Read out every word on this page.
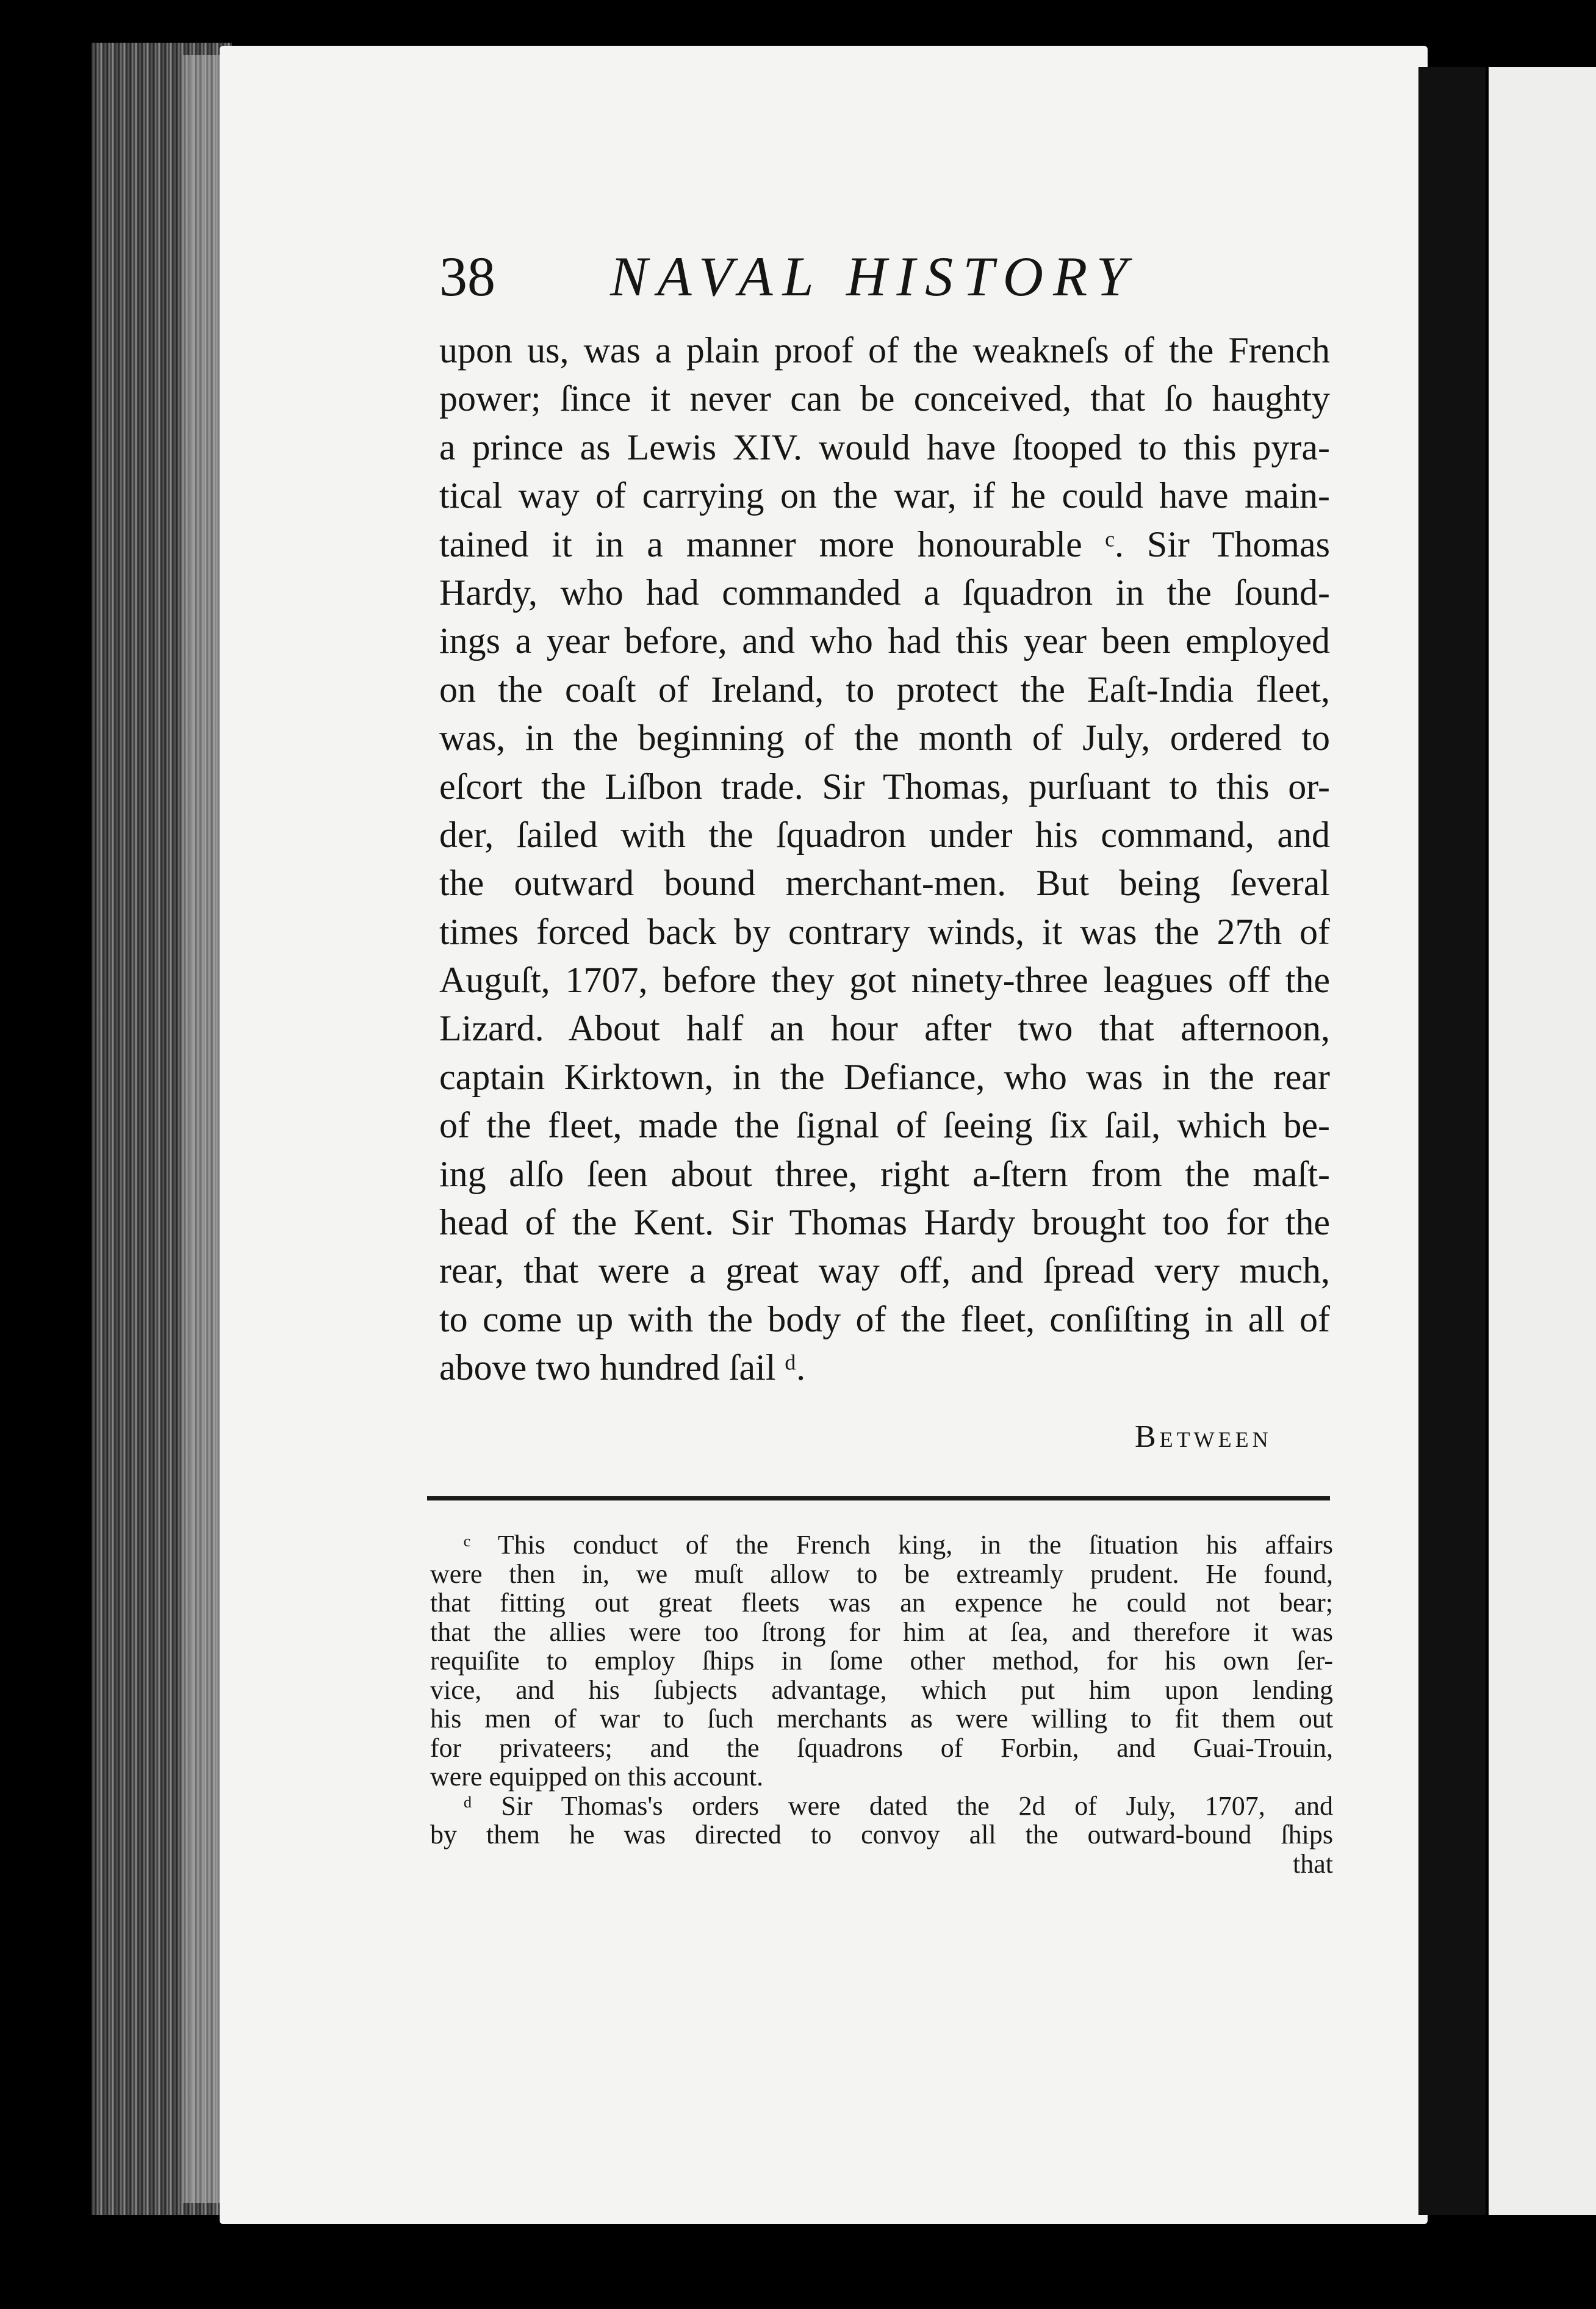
38 NAVAL HISTORY
upon us, was a plain proof of the weakneſs of the French
power; ſince it never can be conceived, that ſo haughty
a prince as Lewis XIV. would have ſtooped to this pyra-
tical way of carrying on the war, if he could have main-
tained it in a manner more honourable ᶜ. Sir Thomas
Hardy, who had commanded a ſquadron in the ſound-
ings a year before, and who had this year been employed
on the coaſt of Ireland, to protect the Eaſt-India fleet,
was, in the beginning of the month of July, ordered to
eſcort the Liſbon trade. Sir Thomas, purſuant to this or-
der, ſailed with the ſquadron under his command, and
the outward bound merchant-men. But being ſeveral
times forced back by contrary winds, it was the 27th of
Auguſt, 1707, before they got ninety-three leagues off the
Lizard. About half an hour after two that afternoon,
captain Kirktown, in the Defiance, who was in the rear
of the fleet, made the ſignal of ſeeing ſix ſail, which be-
ing alſo ſeen about three, right a-ſtern from the maſt-
head of the Kent. Sir Thomas Hardy brought too for the
rear, that were a great way off, and ſpread very much,
to come up with the body of the fleet, conſiſting in all of
above two hundred ſail ᵈ.
Between
ᶜ This conduct of the French king, in the ſituation his affairs
were then in, we muſt allow to be extreamly prudent. He found,
that fitting out great fleets was an expence he could not bear;
that the allies were too ſtrong for him at ſea, and therefore it was
requiſite to employ ſhips in ſome other method, for his own ſer-
vice, and his ſubjects advantage, which put him upon lending
his men of war to ſuch merchants as were willing to fit them out
for privateers; and the ſquadrons of Forbin, and Guai-Trouin,
were equipped on this account.
ᵈ Sir Thomas's orders were dated the 2d of July, 1707, and
by them he was directed to convoy all the outward-bound ſhips
that
